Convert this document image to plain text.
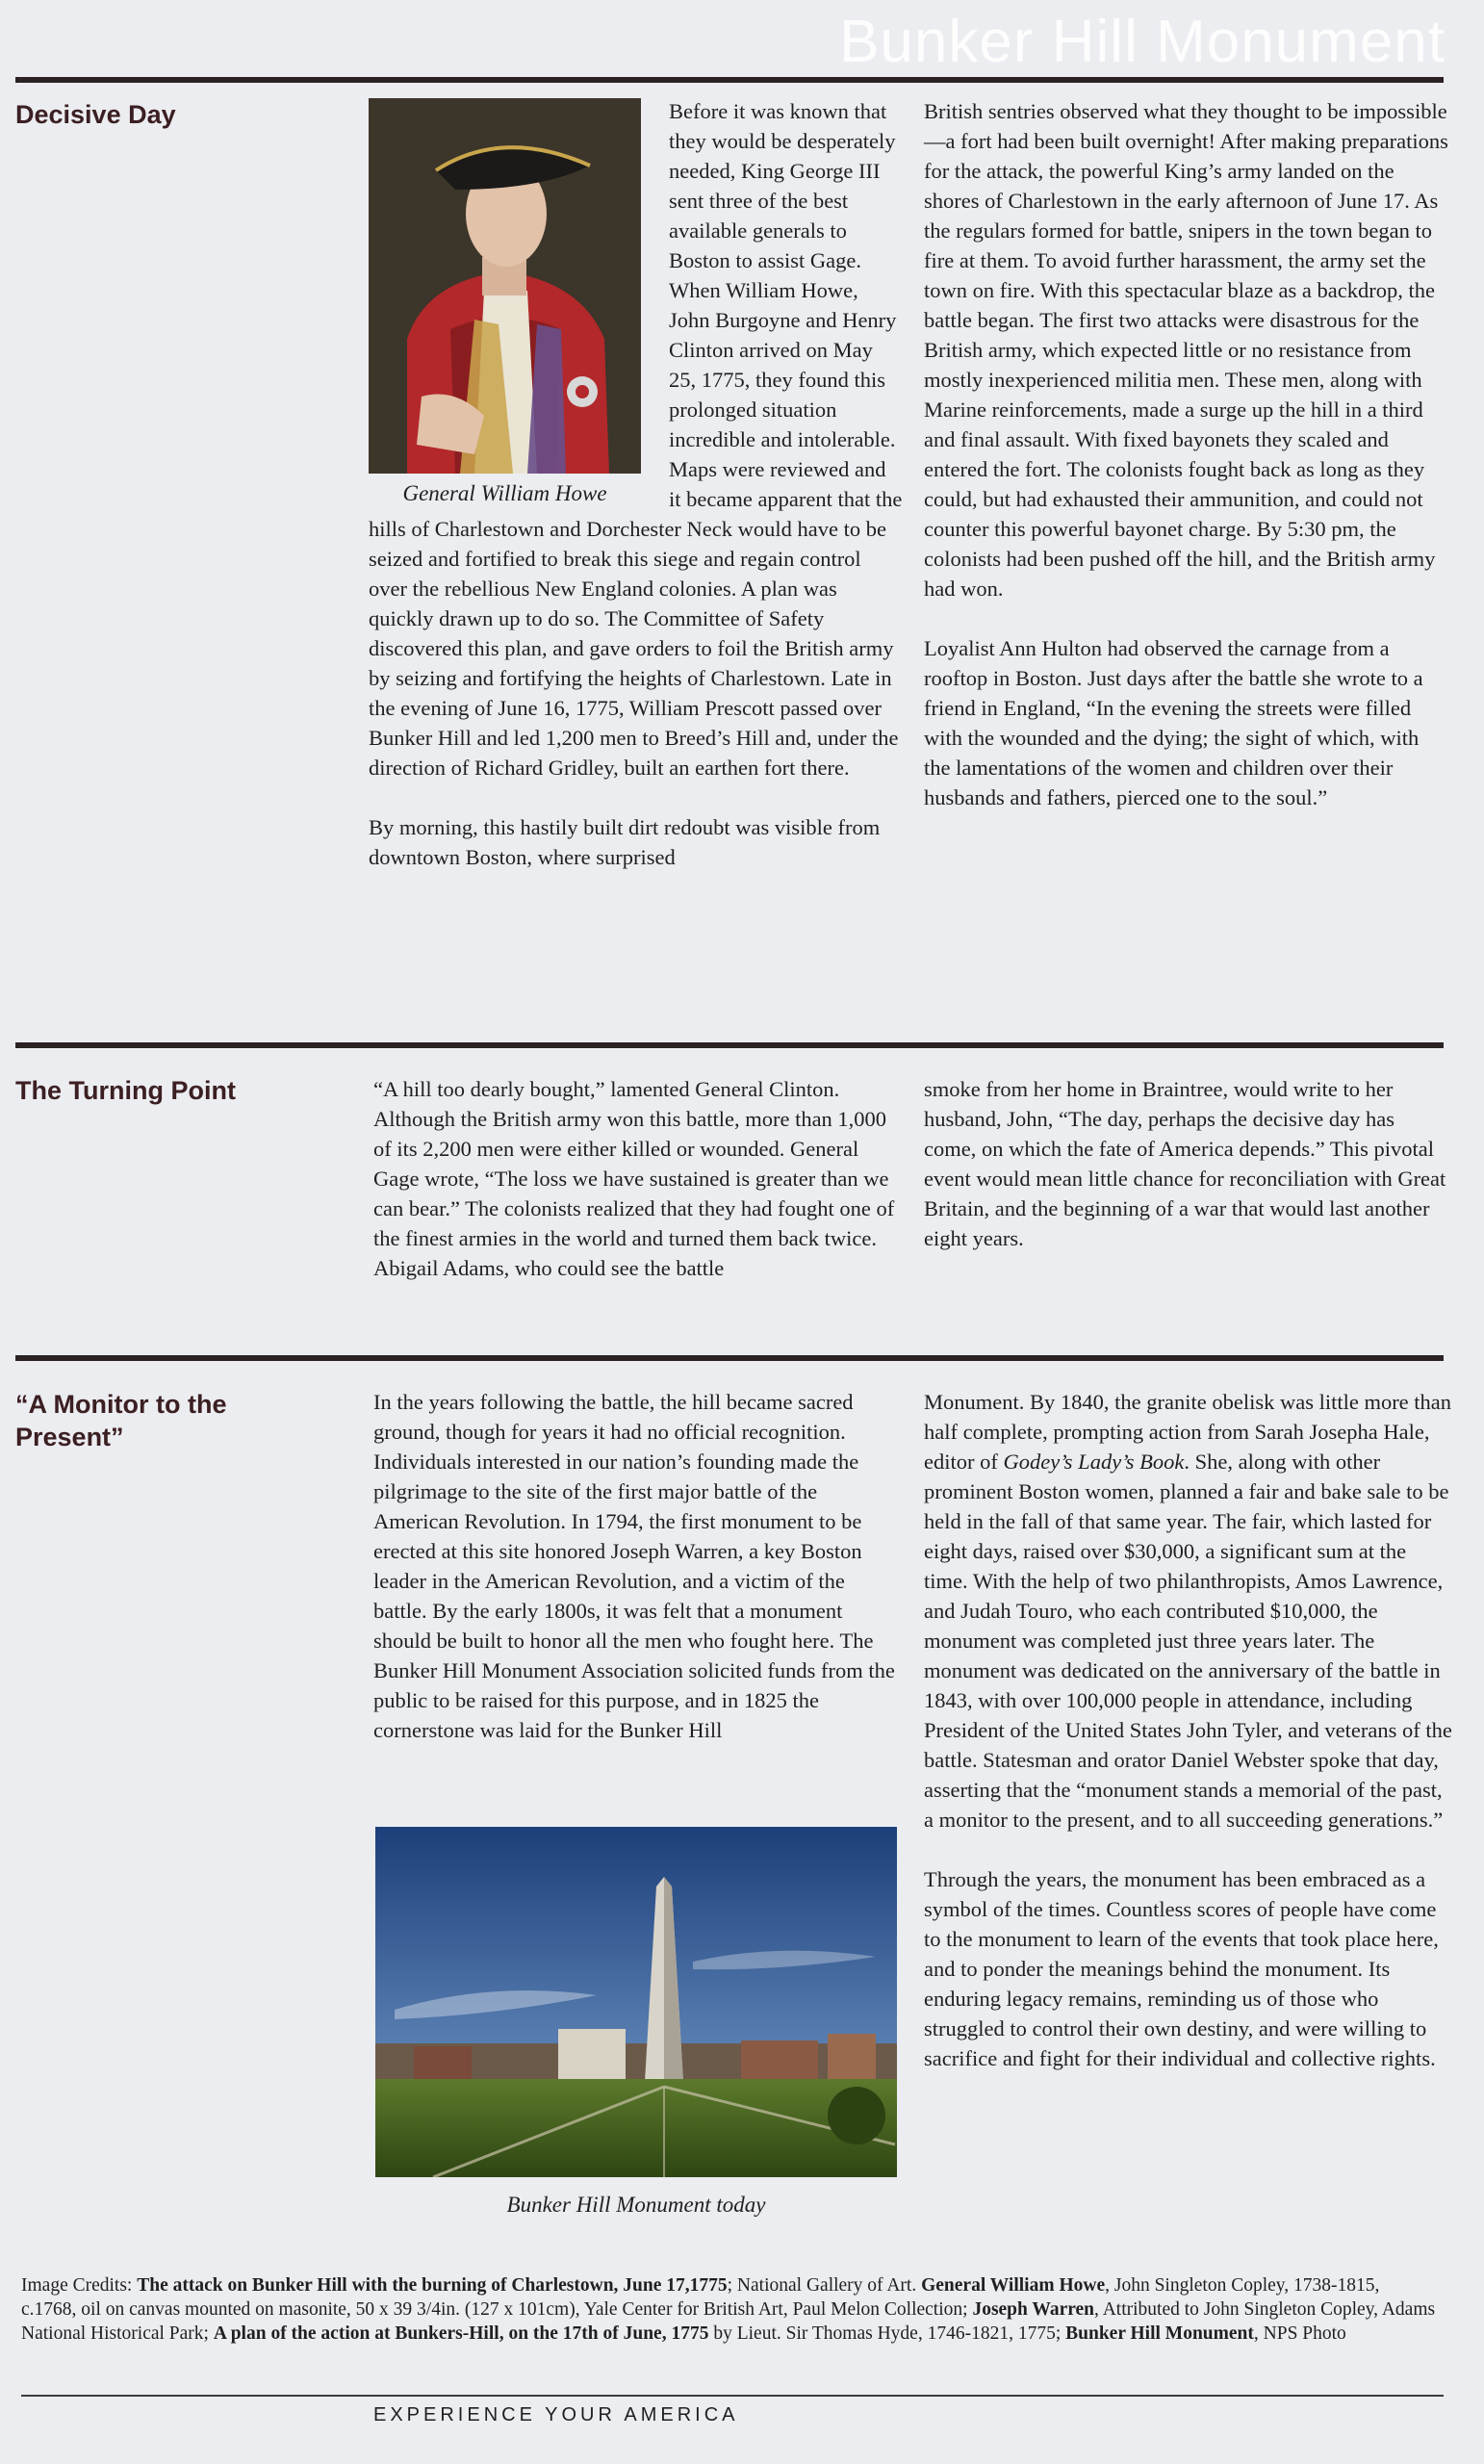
Bunker Hill Monument
Decisive Day
General William Howe

Before it was known that they would be desperately needed, King George III sent three of the best available generals to Boston to assist Gage. When William Howe, John Burgoyne and Henry Clinton arrived on May 25, 1775, they found this prolonged situation incredible and intolerable. Maps were reviewed and it became apparent that the hills of Charlestown and Dorchester Neck would have to be seized and fortified to break this siege and regain control over the rebellious New England colonies. A plan was quickly drawn up to do so. The Committee of Safety discovered this plan, and gave orders to foil the British army by seizing and fortifying the heights of Charlestown. Late in the evening of June 16, 1775, William Prescott passed over Bunker Hill and led 1,200 men to Breed’s Hill and, under the direction of Richard Gridley, built an earthen fort there.

By morning, this hastily built dirt redoubt was visible from downtown Boston, where surprised

British sentries observed what they thought to be impossible—a fort had been built overnight! After making preparations for the attack, the powerful King’s army landed on the shores of Charlestown in the early afternoon of June 17. As the regulars formed for battle, snipers in the town began to fire at them. To avoid further harassment, the army set the town on fire. With this spectacular blaze as a backdrop, the battle began. The first two attacks were disastrous for the British army, which expected little or no resistance from mostly inexperienced militia men. These men, along with Marine reinforcements, made a surge up the hill in a third and final assault. With fixed bayonets they scaled and entered the fort. The colonists fought back as long as they could, but had exhausted their ammunition, and could not counter this powerful bayonet charge. By 5:30 pm, the colonists had been pushed off the hill, and the British army had won.

Loyalist Ann Hulton had observed the carnage from a rooftop in Boston. Just days after the battle she wrote to a friend in England, “In the evening the streets were filled with the wounded and the dying; the sight of which, with the lamentations of the women and children over their husbands and fathers, pierced one to the soul.”

The Turning Point	“A hill too dearly bought,” lamented General Clinton. Although the British army won this battle, more than 1,000 of its 2,200 men were either killed or wounded. General Gage wrote, “The loss we have sustained is greater than we can bear.” The colonists realized that they had fought one of the finest armies in the world and turned them back twice. Abigail Adams, who could see the battle

smoke from her home in Braintree, would write to her husband, John, “The day, perhaps the decisive day has come, on which the fate of America depends.” This pivotal event would mean little chance for reconciliation with Great Britain, and the beginning of a war that would last another eight years.

“A Monitor to the Present”

In the years following the battle, the hill became sacred ground, though for years it had no official recognition. Individuals interested in our nation’s founding made the pilgrimage to the site of the first major battle of the American Revolution. In 1794, the first monument to be erected at this site honored Joseph Warren, a key Boston leader in the American Revolution, and a victim of the battle. By the early 1800s, it was felt that a monument should be built to honor all the men who fought here. The Bunker Hill Monument Association solicited funds from the public to be raised for this purpose, and in 1825 the cornerstone was laid for the Bunker Hill

Bunker Hill Monument today

Monument. By 1840, the granite obelisk was little more than half complete, prompting action from Sarah Josepha Hale, editor of Godey’s Lady’s Book. She, along with other prominent Boston women, planned a fair and bake sale to be held in the fall of that same year. The fair, which lasted for eight days, raised over $30,000, a significant sum at the time. With the help of two philanthropists, Amos Lawrence, and Judah Touro, who each contributed $10,000, the monument was completed just three years later. The monument was dedicated on the anniversary of the battle in 1843, with over 100,000 people in attendance, including President of the United States John Tyler, and veterans of the battle. Statesman and orator Daniel Webster spoke that day, asserting that the “monument stands a memorial of the past, a monitor to the present, and to all succeeding generations.”

Through the years, the monument has been embraced as a symbol of the times. Countless scores of people have come to the monument to learn of the events that took place here, and to ponder the meanings behind the monument. Its enduring legacy remains, reminding us of those who struggled to control their own destiny, and were willing to sacrifice and fight for their individual and collective rights.

Image Credits: The attack on Bunker Hill with the burning of Charlestown, June 17,1775; National Gallery of Art. General William Howe, John Singleton Copley, 1738-1815, c.1768, oil on canvas mounted on masonite, 50 x 39 3/4in. (127 x 101cm), Yale Center for British Art, Paul Melon Collection; Joseph Warren, Attributed to John Singleton Copley, Adams National Historical Park; A plan of the action at Bunkers-Hill, on the 17th of June, 1775 by Lieut. Sir Thomas Hyde, 1746-1821, 1775; Bunker Hill Monument, NPS Photo
EXPERIENCE YOUR AMERICA
